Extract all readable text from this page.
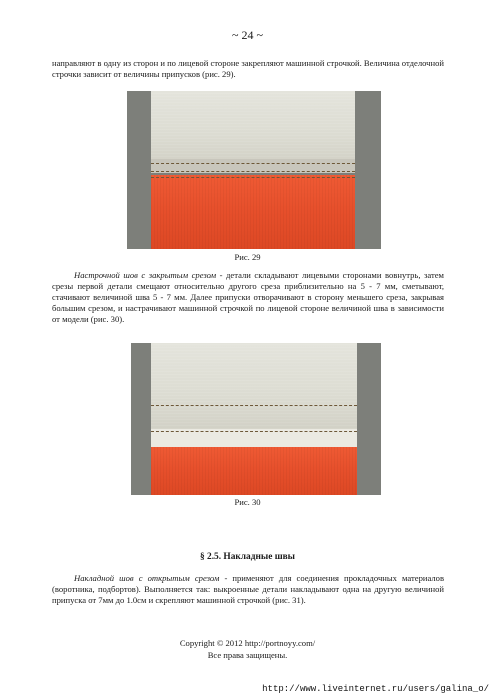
~ 24 ~

направляют в одну из сторон и по лицевой стороне закрепляют машинной строчкой. Величина отделочной строчки зависит от величины припусков (рис. 29).

Рис. 29

Настрочной шов с закрытым срезом - детали складывают лицевыми сторонами вовнутрь, затем срезы первой детали смещают относительно другого среза приблизительно на 5 - 7 мм, сметывают, стачивают величиной шва 5 - 7 мм. Далее припуски отворачивают в сторону меньшего среза, закрывая большим срезом, и настрачивают машинной строчкой по лицевой стороне величиной шва в зависимости от модели (рис. 30).

Рис. 30
§ 2.5. Накладные швы

Накладной шов с открытым срезом - применяют для соединения прокладочных материалов (воротника, подбортов). Выполняется так: выкроенные детали накладывают одна на другую величиной припуска от 7мм до 1.0см и скрепляют машинной строчкой (рис. 31).

Copyright © 2012 http://portnoyy.com/
Все права защищены.
http://www.liveinternet.ru/users/galina_o/
